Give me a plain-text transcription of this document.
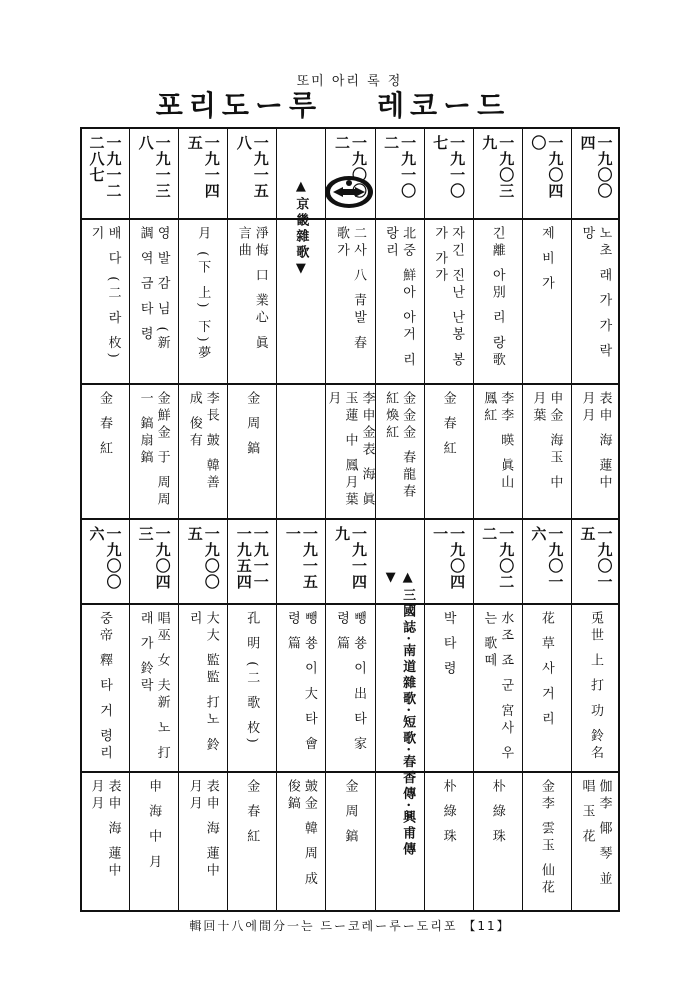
또미 아리 록 정
포리도ー루 레코ー드
一九〇〇四
노초 래 가 가 락망
表申 海 蓮中 月月
一九〇四〇
제 비 가
申金 海玉 中 月葉
一九〇三九
긴離 아別 리 랑歌
李李 暎 眞山 鳳紅
一九一〇七
자긴 진난 난봉 봉가 가가
金 春 紅
一九一〇二
北중 鮮아 아거 리 랑리
金金金 春龍春 紅煥紅
一九〇〇二
二사 八 青발 春 歌가
李申金表 海 眞玉蓮 中 鳳月葉月
一九一五八
淨悔 口 業心 眞 言曲
金 周 鎬
一九一四五
月 (下 上) 下)夢
李長 皷 韓善 成 俊有
一九一三八
영 발 감 님 (新 調 역 금 타 령
金鮮金 于 周周 一 鎬扇鎬
一九一二二八七
배 다 (二 라 枚) 기
金 春 紅
▲京畿雜歌▼
一九〇一五
兎世 上 打 功 鈴名
伽李 倻 琴 並 唱 玉 花
一九〇一六
花 草 사 거 리
金李 雲玉 仙花
一九〇二二
水조 죠 군 宮사 우 는 歌떼
朴 綠 珠
一九〇四一
박 타 령
朴 綠 珠
一九一四九
뺑 쑝 이 出 타 家 령 篇
金 周 鎬
一九一五一
뺑 쑝 이 大 타 會 령 篇
皷金 韓 周 成 俊鎬
一九一一一九五四
孔 明 (二 歌 枚)
金 春 紅
一九〇〇五
大大 監監 打노 鈴리
表申 海 蓮中 月月
一九〇四三
唱巫 女 夫新 노 打래 가 鈴락
申 海 中 月
一九〇〇六
중帝 釋 타 거 령리
表申 海 蓮中 月月	▲三國誌·南道雜歌·短歌·春香傳·興甫傳▼
輯回十八에間分一는 드ー코레ー루ー도리포 【11】
